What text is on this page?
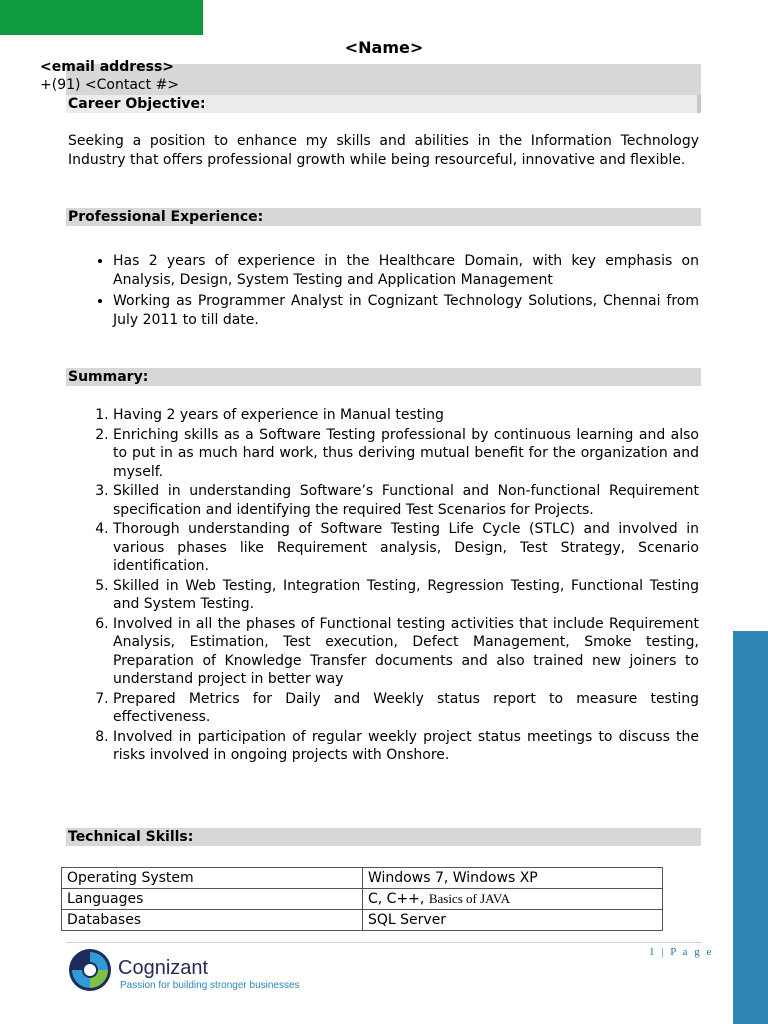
<Name>
<email address>
+(91) <Contact #>
Career Objective:
Seeking a position to enhance my skills and abilities in the Information Technology Industry that offers professional growth while being resourceful, innovative and flexible.
Professional Experience:
• Has 2 years of experience in the Healthcare Domain, with key emphasis on Analysis, Design, System Testing and Application Management
• Working as Programmer Analyst in Cognizant Technology Solutions, Chennai from July 2011 to till date.
Summary:
1. Having 2 years of experience in Manual testing
2. Enriching skills as a Software Testing professional by continuous learning and also to put in as much hard work, thus deriving mutual benefit for the organization and myself.
3. Skilled in understanding Software’s Functional and Non-functional Requirement specification and identifying the required Test Scenarios for Projects.
4. Thorough understanding of Software Testing Life Cycle (STLC) and involved in various phases like Requirement analysis, Design, Test Strategy, Scenario identification.
5. Skilled in Web Testing, Integration Testing, Regression Testing, Functional Testing and System Testing.
6. Involved in all the phases of Functional testing activities that include Requirement Analysis, Estimation, Test execution, Defect Management, Smoke testing, Preparation of Knowledge Transfer documents and also trained new joiners to understand project in better way
7. Prepared Metrics for Daily and Weekly status report to measure testing effectiveness.
8. Involved in participation of regular weekly project status meetings to discuss the risks involved in ongoing projects with Onshore.
Technical Skills:
Operating System	Windows 7, Windows XP
Languages	C, C++, Basics of JAVA
Databases	SQL Server
1 | P a g e
Cognizant
Passion for building stronger businesses
